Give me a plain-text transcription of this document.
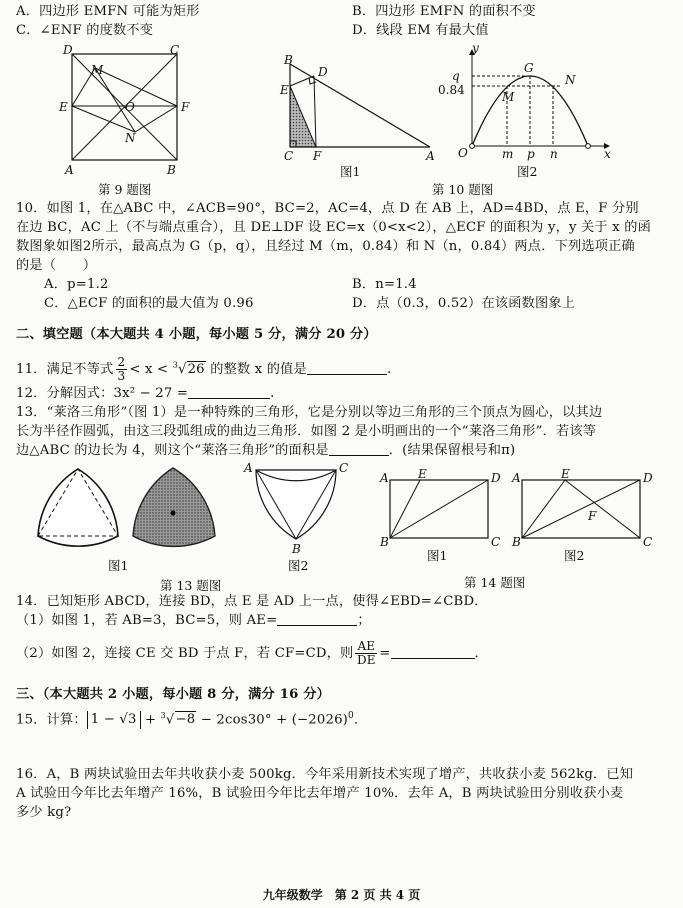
A．四边形 EMFN 可能为矩形	B．四边形 EMFN 的面积不变
C．∠ENF 的度数不变	D．线段 EM 有最大值
D	C
M
E	O	F
N
A	B
第 9 题图
B
D
E
C F	A
图1
y
q
0.84
G
N
M
O	m p n	x
图2
第 10 题图
10．如图 1，在△ABC 中，∠ACB=90°，BC=2，AC=4，点 D 在 AB 上，AD=4BD，点 E，F 分别
在边 BC，AC 上（不与端点重合），且 DE⊥DF 设 EC=x（0<x<2），△ECF 的面积为 y，y 关于 x 的函
数图象如图2所示，最高点为 G（p，q），且经过 M（m，0.84）和 N（n，0.84）两点．下列选项正确
的是（　　）
A．p=1.2	B．n=1.4
C．△ECF 的面积的最大值为 0.96	D．点（0.3，0.52）在该函数图象上
二、填空题（本大题共 4 小题，每小题 5 分，满分 20 分）
11．满足不等式 $\frac{2}{3} < x < ^3√26$ 的整数 x 的值是	.
12．分解因式：3x² − 27 =	.
13．“莱洛三角形”（图 1）是一种特殊的三角形，它是分别以等边三角形的三个顶点为圆心，以其边
长为半径作圆弧，由这三段弧组成的曲边三角形．如图 2 是小明画出的一个“莱洛三角形”．若该等
边△ABC 的边长为 4，则这个“莱洛三角形”的面积是	．(结果保留根号和π)
图1
A	C
B
图2
第 13 题图
A E	D
B	C
图1
A	E	D
F
B	C
图2
第 14 题图
14．已知矩形 ABCD，连接 BD，点 E 是 AD 上一点，使得∠EBD=∠CBD．
（1）如图 1，若 AB=3，BC=5，则 AE=	；
（2）如图 2，连接 CE 交 BD 于点 F，若 CF=CD，则 $\frac{AE}{DE}$ =	．
三、（本大题共 2 小题，每小题 8 分，满分 16 分）
15．计算： $1 - √3 + ^3√-8 - 2\cos 30^\circ + (-2026)^0$．
16．A，B 两块试验田去年共收获小麦 500kg．今年采用新技术实现了增产，共收获小麦 562kg．已知
A 试验田今年比去年增产 16%，B 试验田今年比去年增产 10%．去年 A，B 两块试验田分别收获小麦
多少 kg?
九年级数学　第 2 页 共 4 页
